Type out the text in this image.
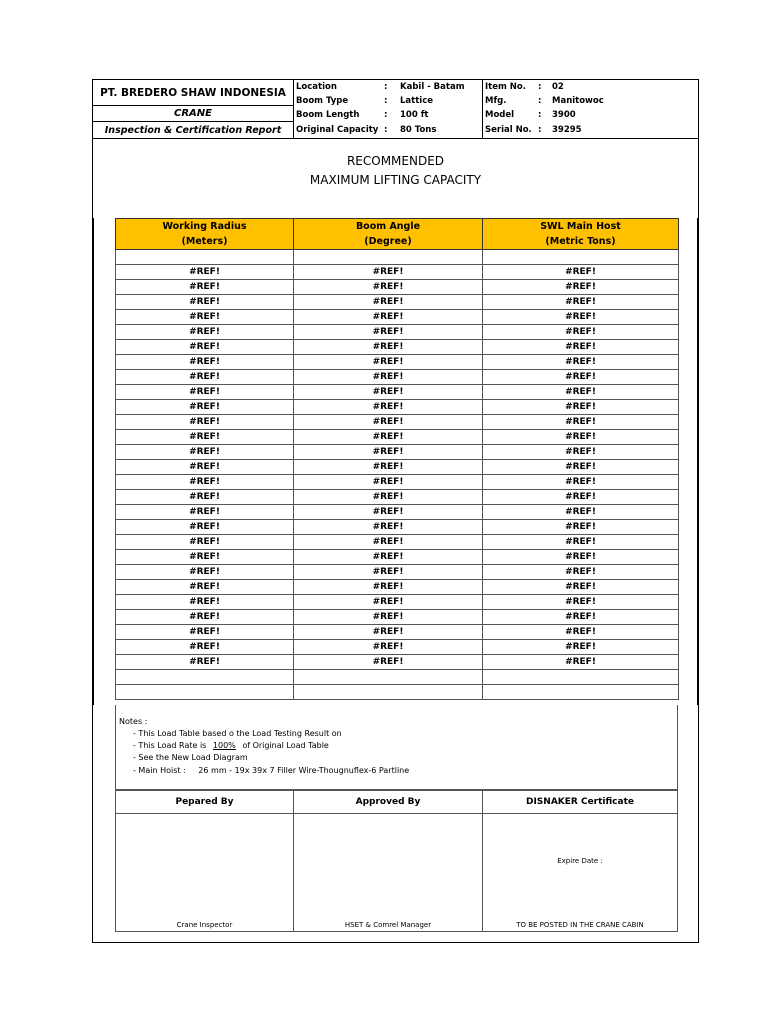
PT. BREDERO SHAW INDONESIA
CRANE
Inspection & Certification Report
Location	:	Kabil - Batam
Boom Type	:	Lattice
Boom Length	:	100 ft
Original Capacity :	80 Tons
Item No.	:	02
Mfg.	:	Manitowoc
Model	:	3900
Serial No. :	39295
RECOMMENDED
MAXIMUM LIFTING CAPACITY
Working Radius	Boom Angle	SWL Main Host
(Meters)	(Degree)	(Metric Tons)

#REF!	#REF!	#REF!
#REF!	#REF!	#REF!
#REF!	#REF!	#REF!
#REF!	#REF!	#REF!
#REF!	#REF!	#REF!
#REF!	#REF!	#REF!
#REF!	#REF!	#REF!
#REF!	#REF!	#REF!
#REF!	#REF!	#REF!
#REF!	#REF!	#REF!
#REF!	#REF!	#REF!
#REF!	#REF!	#REF!
#REF!	#REF!	#REF!
#REF!	#REF!	#REF!
#REF!	#REF!	#REF!
#REF!	#REF!	#REF!
#REF!	#REF!	#REF!
#REF!	#REF!	#REF!
#REF!	#REF!	#REF!
#REF!	#REF!	#REF!
#REF!	#REF!	#REF!
#REF!	#REF!	#REF!
#REF!	#REF!	#REF!
#REF!	#REF!	#REF!
#REF!	#REF!	#REF!
#REF!	#REF!	#REF!
#REF!	#REF!	#REF!

Notes :
- This Load Table based o the Load Testing Result on
- This Load Rate is 100% of Original Load Table
- See the New Load Diagram
- Main Hoist : 26 mm - 19x 39x 7 Filler Wire-Thougnuflex-6 Partline
Pepared By
Crane Inspector
Approved By
HSET & Comrel Manager
DISNAKER Certificate
Expire Date :
TO BE POSTED IN THE CRANE CABIN
